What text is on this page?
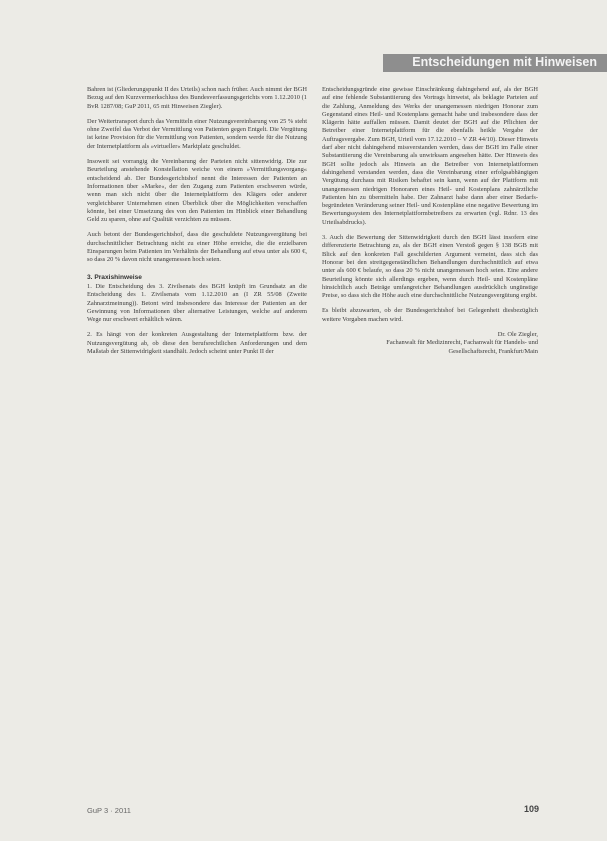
Entscheidungen mit Hinweisen

Bahren ist (Gliederungspunkt II des Urteils) schon nach früher. Auch nimmt der BGH Bezug auf den Kurzvermerkschluss des Bundesverfassungsgerichts vom 1.12.2010 (1 BvR 1287/08; GuP 2011, 65 mit Hinweisen Ziegler).

Der Weitertransport durch das Vermitteln einer Nutzungsvereinbarung von 25 % steht ohne Zweifel das Verbot der Vermittlung von Patienten gegen Entgelt. Die Vergütung ist keine Provision für die Vermittlung von Patienten, sondern werde für die Nutzung der Internetplattform als »virtueller« Marktplatz geschuldet.

Insoweit sei vorrangig die Vereinbarung der Parteien nicht sittenwidrig. Die zur Beurteilung anstehende Konstellation weiche von einem »Vermittlungsvorgang« entscheidend ab. Der Bundesgerichtshof nennt die Interessen der Patienten an Informationen über »Marke«, der den Zugang zum Patienten erschweren würde, wenn man sich nicht über die Internetplattform des Klägers oder anderer vergleichbarer Unternehmen einen Überblick über die Möglichkeiten verschaffen könnte, bei einer Umsetzung des von den Patienten im Hinblick einer Behandlung Geld zu sparen, ohne auf Qualität verzichten zu müssen.

Auch betont der Bundesgerichtshof, dass die geschuldete Nutzungsvergütung bei durchschnittlicher Betrachtung nicht zu einer Höhe erreiche, die die erzielbaren Einsparungen beim Patienten im Verhältnis der Behandlung auf etwa unter als 600 €, so dass 20 % davon nicht unangemessen hoch seien.

3. Praxishinweise

1. Die Entscheidung des 3. Zivilsenats des BGH knüpft im Grundsatz an die Entscheidung des 1. Zivilsenats vom 1.12.2010 an (I ZR 55/08 (Zweite Zahnarztmeinung)). Betont wird insbesondere das Interesse der Patienten an der Gewinnung von Informationen über alternative Leistungen, welche auf anderem Wege nur erschwert erhältlich wären.

2. Es hängt von der konkreten Ausgestaltung der Internetplattform bzw. der Nutzungsvergütung ab, ob diese den berufsrechtlichen Anforderungen und dem Maßstab der Sittenwidrigkeit standhält. Jedoch scheint unter Punkt II der

Entscheidungsgründe eine gewisse Einschränkung dahingehend auf, als der BGH auf eine fehlende Substantiierung des Vortrags hinweist, als beklagte Parteien auf die Zahlung, Anmeldung des Werks der unangemessen niedrigen Honorar zum Gegenstand eines Heil- und Kostenplans gemacht habe und insbesondere dass der Klägerin hätte auffallen müssen. Damit deutet der BGH auf die Pflichten der Betreiber einer Internetplattform für die ebenfalls heikle Vergabe der Auftragsvergabe. Zum BGH, Urteil vom 17.12.2010 – V ZR 44/10). Dieser Hinweis darf aber nicht dahingehend missverstanden werden, dass der BGH im Falle einer Substantiierung die Vereinbarung als unwirksam angesehen hätte. Der Hinweis des BGH sollte jedoch als Hinweis an die Betreiber von Internetplattformen dahingehend verstanden werden, dass die Vereinbarung einer erfolgsabhängigen Vergütung durchaus mit Risiken behaftet sein kann, wenn auf der Plattform mit unangemessen niedrigen Honoraren eines Heil- und Kostenplans zahnärztliche Patienten hin zu übermitteln habe. Der Zahnarzt habe dann aber einer Bedarfs-begründeten Veränderung seiner Heil- und Kostenpläne eine negative Bewertung im Bewertungssystem des Internetplattformbetreibers zu erwarten (vgl. Rdnr. 13 des Urteilsabdrucks).

3. Auch die Bewertung der Sittenwidrigkeit durch den BGH lässt insofern eine differenzierte Betrachtung zu, als der BGH einen Verstoß gegen § 138 BGB mit Blick auf den konkreten Fall geschilderten Argument verneint, dass sich das Honorar bei den streitgegenständlichen Behandlungen durchschnittlich auf etwa unter als 600 € belaufe, so dass 20 % nicht unangemessen hoch seien. Eine andere Beurteilung könnte sich allerdings ergeben, wenn durch Heil- und Kostenpläne hinsichtlich auch Beträge umfangreicher Behandlungen ausdrücklich ungünstige Preise, so dass sich die Höhe auch eine durchschnittliche Nutzungsvergütung ergibt.

Es bleibt abzuwarten, ob der Bundesgerichtshof bei Gelegenheit diesbezüglich weitere Vorgaben machen wird.

Dr. Ole Ziegler,
Fachanwalt für Medizinrecht, Fachanwalt für Handels- und
Gesellschaftsrecht, Frankfurt/Main
GuP 3 · 2011	109
